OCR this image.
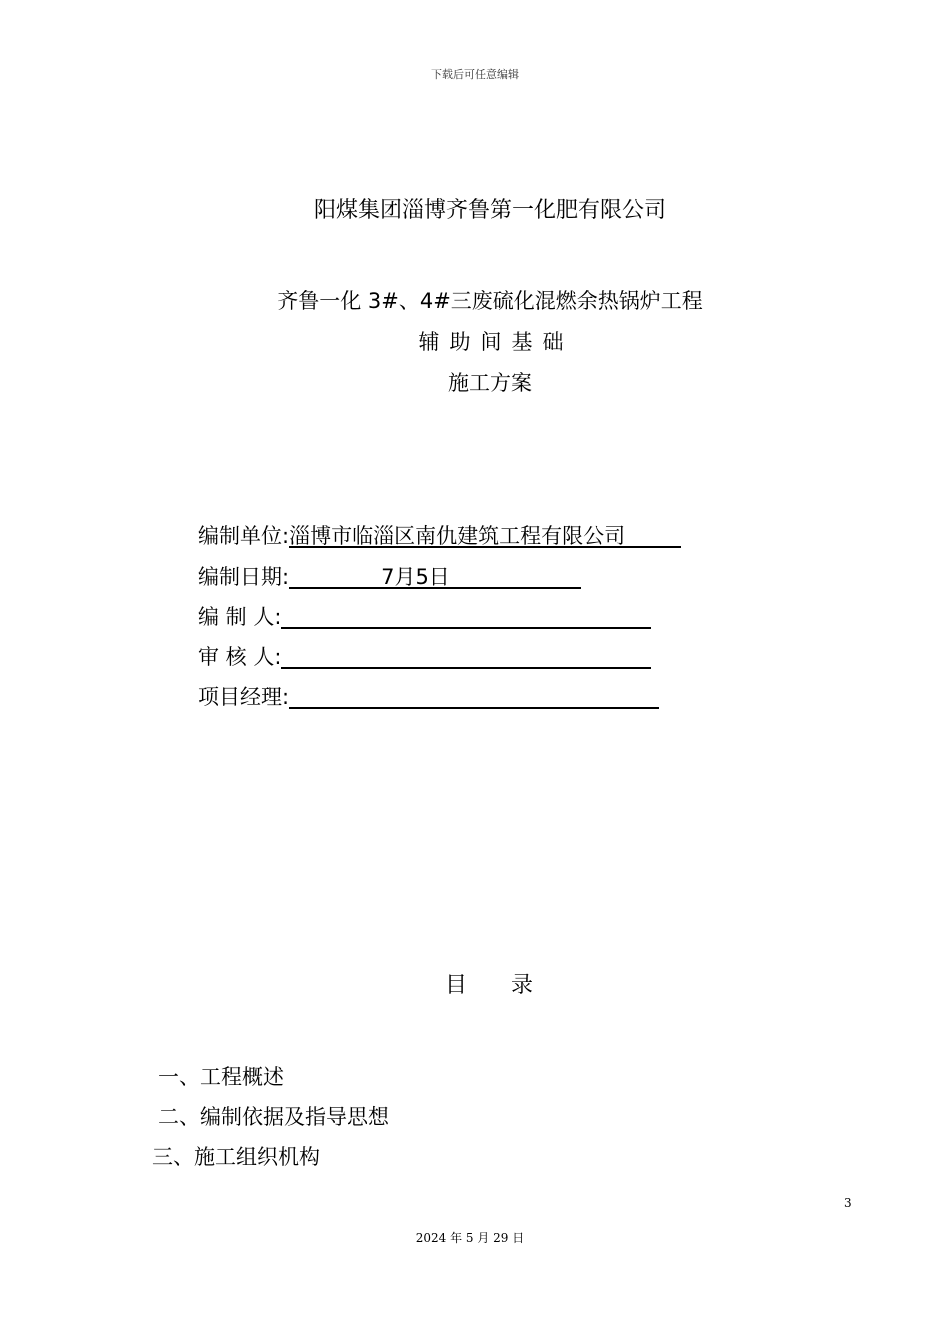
下载后可任意编辑
阳煤集团淄博齐鲁第一化肥有限公司
齐鲁一化 3#、4#三废硫化混燃余热锅炉工程
辅助间基础
施工方案
编制单位:淄博市临淄区南仇建筑工程有限公司
编制日期:	7月5日
编 制 人:
审 核 人:
项目经理:
目录
一、工程概述
二、编制依据及指导思想
三、施工组织机构
3
2024 年 5 月 29 日
